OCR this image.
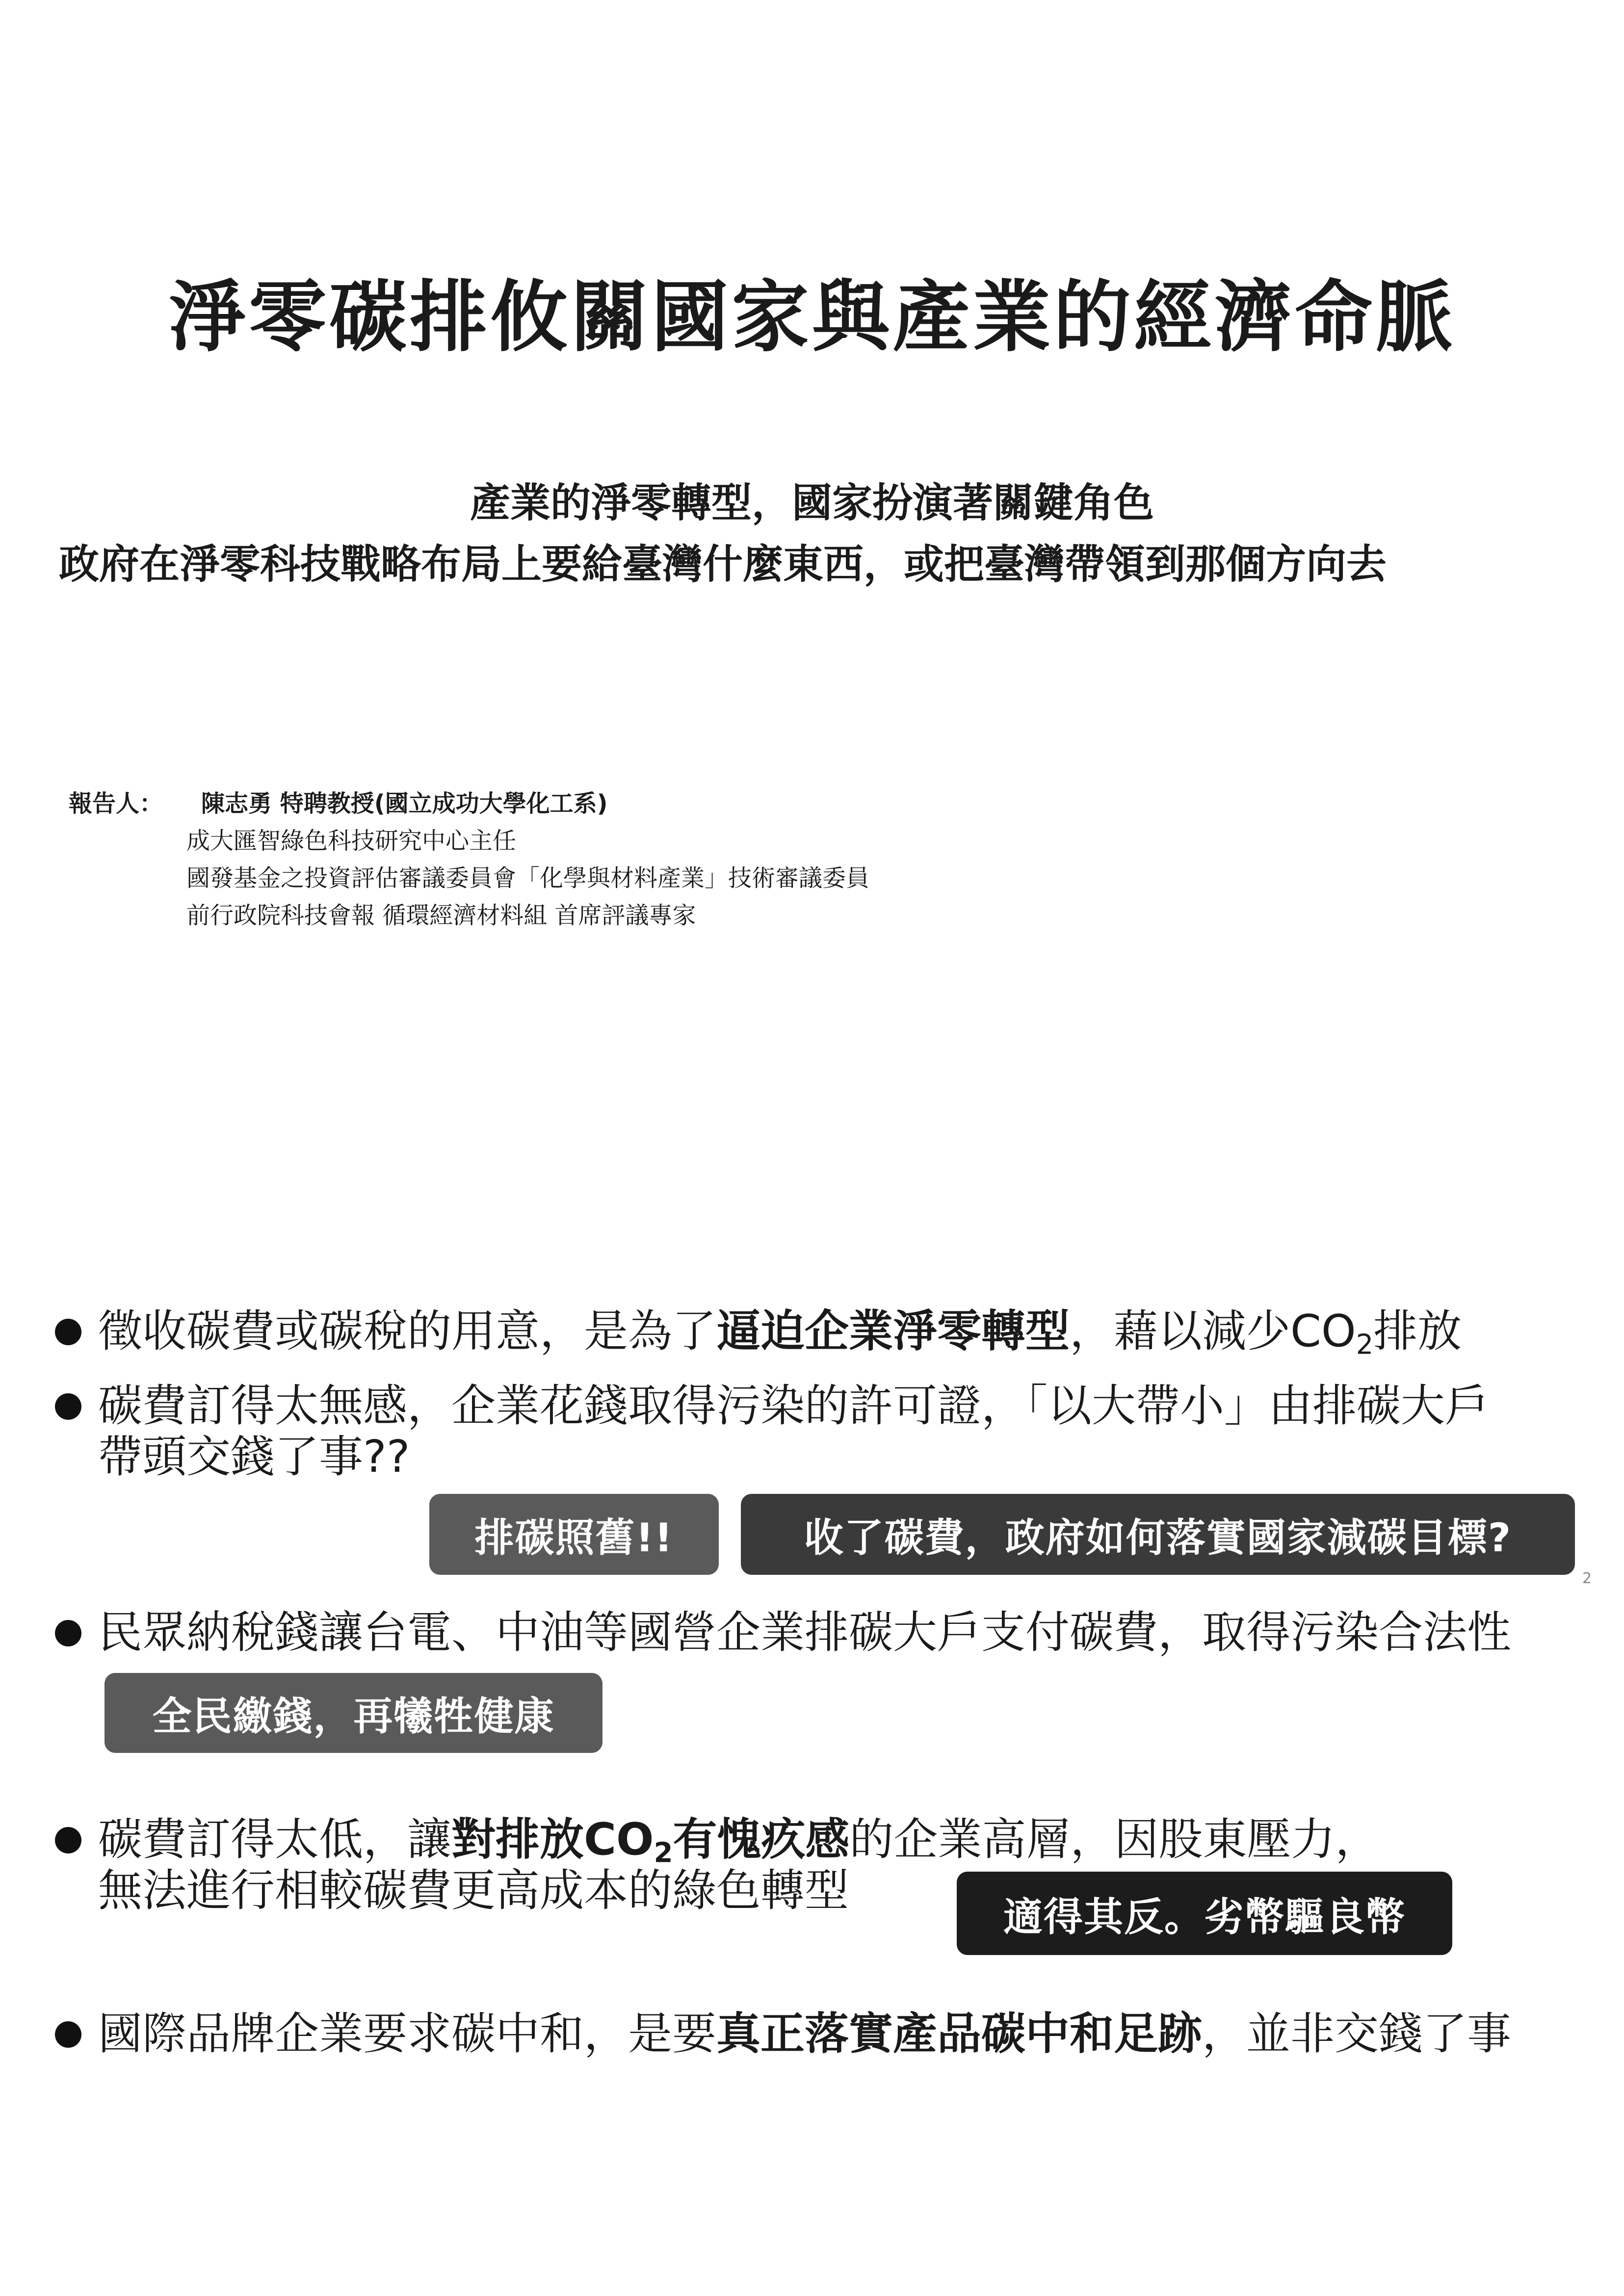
淨零碳排攸關國家與產業的經濟命脈
產業的淨零轉型，國家扮演著關鍵角色
政府在淨零科技戰略布局上要給臺灣什麼東西，或把臺灣帶領到那個方向去
報告人： 陳志勇 特聘教授(國立成功大學化工系)
成大匯智綠色科技研究中心主任
國發基金之投資評估審議委員會「化學與材料產業」技術審議委員
前行政院科技會報 循環經濟材料組 首席評議專家
徵收碳費或碳稅的用意，是為了逼迫企業淨零轉型，藉以減少$CO_2$排放
碳費訂得太無感，企業花錢取得污染的許可證，「以大帶小」由排碳大戶
帶頭交錢了事??
排碳照舊!!	收了碳費，政府如何落實國家減碳目標?
民眾納稅錢讓台電、中油等國營企業排碳大戶支付碳費，取得污染合法性
全民繳錢，再犧牲健康
碳費訂得太低，讓對排放$CO_2$有愧疚感的企業高層，因股東壓力，
無法進行相較碳費更高成本的綠色轉型
適得其反。劣幣驅良幣
國際品牌企業要求碳中和，是要真正落實產品碳中和足跡，並非交錢了事
2
